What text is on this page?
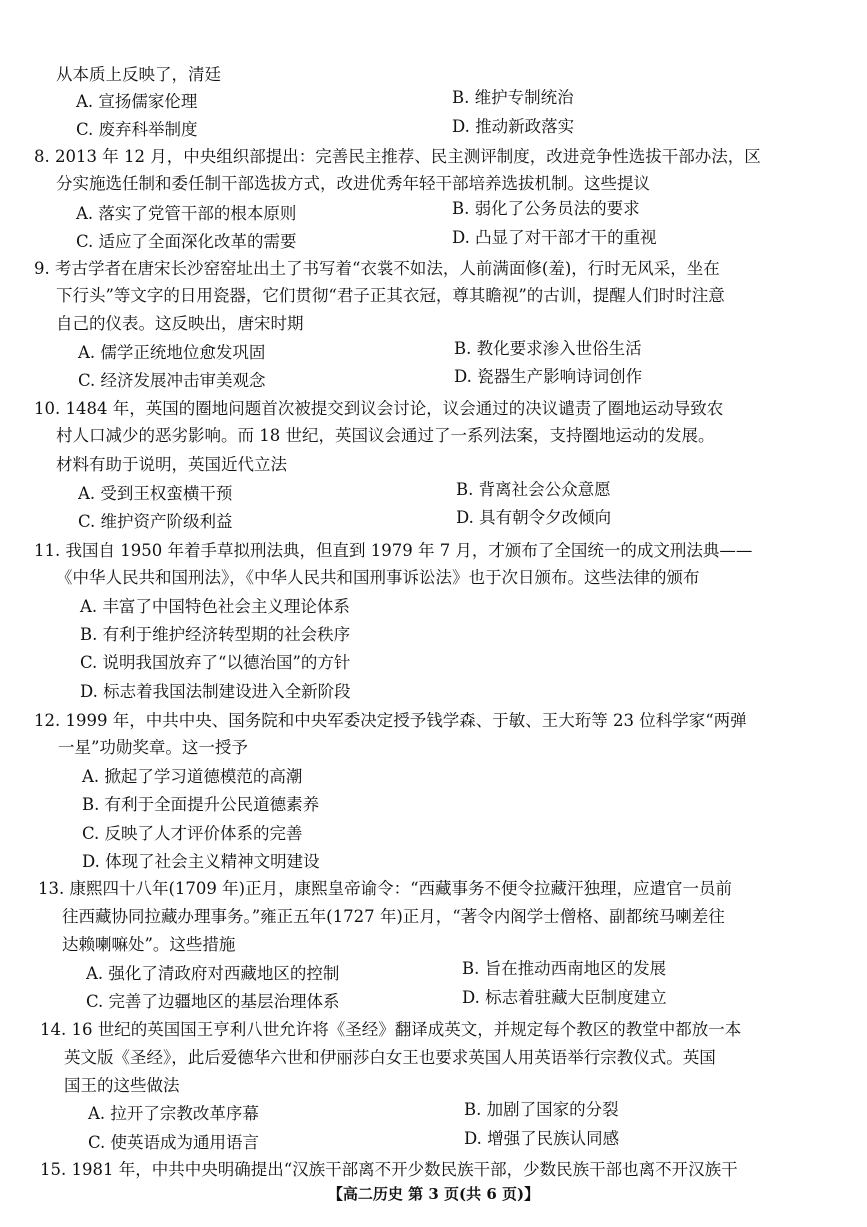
从本质上反映了，清廷
A. 宣扬儒家伦理	B. 维护专制统治
C. 废弃科举制度	D. 推动新政落实
8. 2013 年 12 月，中央组织部提出：完善民主推荐、民主测评制度，改进竞争性选拔干部办法，区
分实施选任制和委任制干部选拔方式，改进优秀年轻干部培养选拔机制。这些提议
A. 落实了党管干部的根本原则	B. 弱化了公务员法的要求
C. 适应了全面深化改革的需要	D. 凸显了对干部才干的重视
9. 考古学者在唐宋长沙窑窑址出土了书写着“衣裳不如法，人前满面修(羞)，行时无风采，坐在
下行头”等文字的日用瓷器，它们贯彻“君子正其衣冠，尊其瞻视”的古训，提醒人们时时注意
自己的仪表。这反映出，唐宋时期
A. 儒学正统地位愈发巩固	B. 教化要求渗入世俗生活
C. 经济发展冲击审美观念	D. 瓷器生产影响诗词创作
10. 1484 年，英国的圈地问题首次被提交到议会讨论，议会通过的决议谴责了圈地运动导致农
村人口减少的恶劣影响。而 18 世纪，英国议会通过了一系列法案，支持圈地运动的发展。
材料有助于说明，英国近代立法
A. 受到王权蛮横干预	B. 背离社会公众意愿
C. 维护资产阶级利益	D. 具有朝令夕改倾向
11. 我国自 1950 年着手草拟刑法典，但直到 1979 年 7 月，才颁布了全国统一的成文刑法典——
《中华人民共和国刑法》，《中华人民共和国刑事诉讼法》也于次日颁布。这些法律的颁布
A. 丰富了中国特色社会主义理论体系
B. 有利于维护经济转型期的社会秩序
C. 说明我国放弃了“以德治国”的方针
D. 标志着我国法制建设进入全新阶段
12. 1999 年，中共中央、国务院和中央军委决定授予钱学森、于敏、王大珩等 23 位科学家“两弹
一星”功勋奖章。这一授予
A. 掀起了学习道德模范的高潮
B. 有利于全面提升公民道德素养
C. 反映了人才评价体系的完善
D. 体现了社会主义精神文明建设
13. 康熙四十八年(1709 年)正月，康熙皇帝谕令：“西藏事务不便令拉藏汗独理，应遣官一员前
往西藏协同拉藏办理事务。”雍正五年(1727 年)正月，“著令内阁学士僧格、副都统马喇差往
达赖喇嘛处”。这些措施
A. 强化了清政府对西藏地区的控制	B. 旨在推动西南地区的发展
C. 完善了边疆地区的基层治理体系	D. 标志着驻藏大臣制度建立
14. 16 世纪的英国国王亨利八世允许将《圣经》翻译成英文，并规定每个教区的教堂中都放一本
英文版《圣经》，此后爱德华六世和伊丽莎白女王也要求英国人用英语举行宗教仪式。英国
国王的这些做法
A. 拉开了宗教改革序幕	B. 加剧了国家的分裂
C. 使英语成为通用语言	D. 增强了民族认同感
15. 1981 年，中共中央明确提出“汉族干部离不开少数民族干部，少数民族干部也离不开汉族干
【高二历史 第 3 页(共 6 页)】
